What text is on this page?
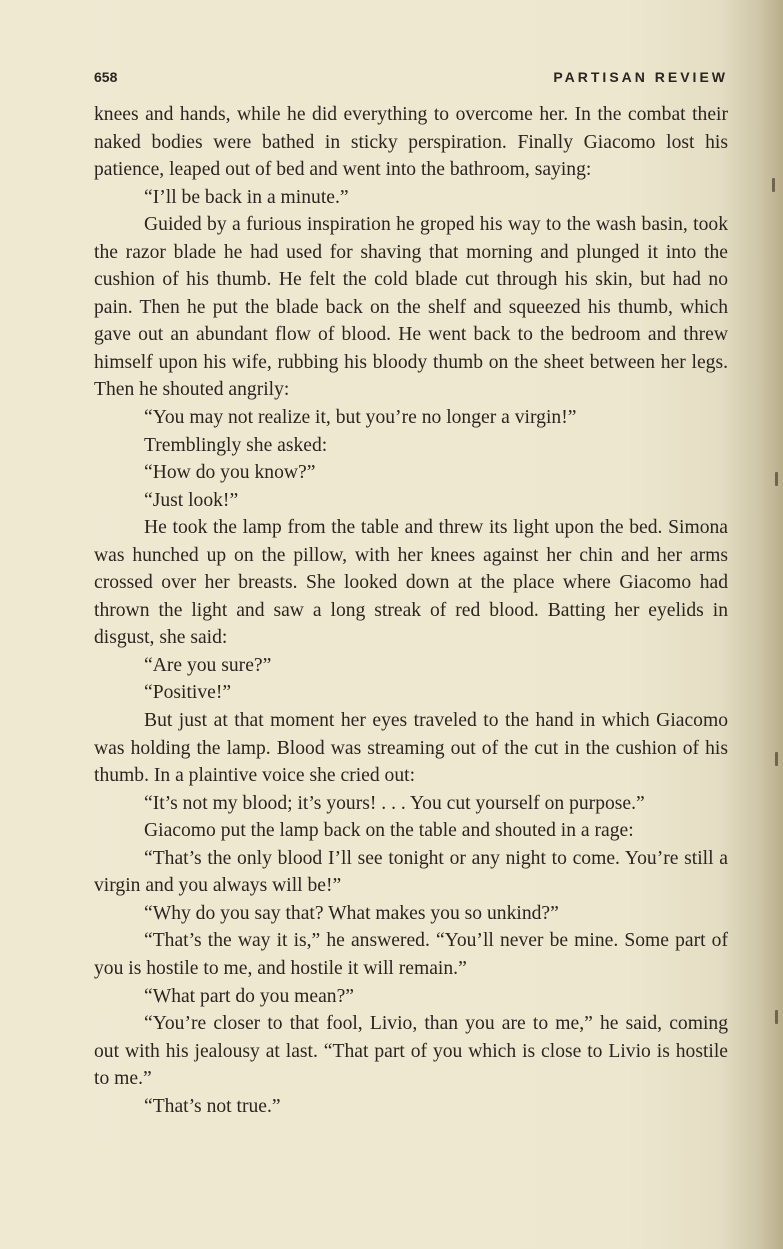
658	PARTISAN REVIEW

knees and hands, while he did everything to overcome her. In the combat their naked bodies were bathed in sticky perspiration. Finally Giacomo lost his patience, leaped out of bed and went into the bathroom, saying:

“I’ll be back in a minute.”

Guided by a furious inspiration he groped his way to the wash basin, took the razor blade he had used for shaving that morning and plunged it into the cushion of his thumb. He felt the cold blade cut through his skin, but had no pain. Then he put the blade back on the shelf and squeezed his thumb, which gave out an abundant flow of blood. He went back to the bedroom and threw himself upon his wife, rubbing his bloody thumb on the sheet between her legs. Then he shouted angrily:

“You may not realize it, but you’re no longer a virgin!”

Tremblingly she asked:

“How do you know?”

“Just look!”

He took the lamp from the table and threw its light upon the bed. Simona was hunched up on the pillow, with her knees against her chin and her arms crossed over her breasts. She looked down at the place where Giacomo had thrown the light and saw a long streak of red blood. Batting her eyelids in disgust, she said:

“Are you sure?”

“Positive!”

But just at that moment her eyes traveled to the hand in which Giacomo was holding the lamp. Blood was streaming out of the cut in the cushion of his thumb. In a plaintive voice she cried out:

“It’s not my blood; it’s yours! . . . You cut yourself on purpose.”

Giacomo put the lamp back on the table and shouted in a rage:

“That’s the only blood I’ll see tonight or any night to come. You’re still a virgin and you always will be!”

“Why do you say that? What makes you so unkind?”

“That’s the way it is,” he answered. “You’ll never be mine. Some part of you is hostile to me, and hostile it will remain.”

“What part do you mean?”

“You’re closer to that fool, Livio, than you are to me,” he said, coming out with his jealousy at last. “That part of you which is close to Livio is hostile to me.”

“That’s not true.”
